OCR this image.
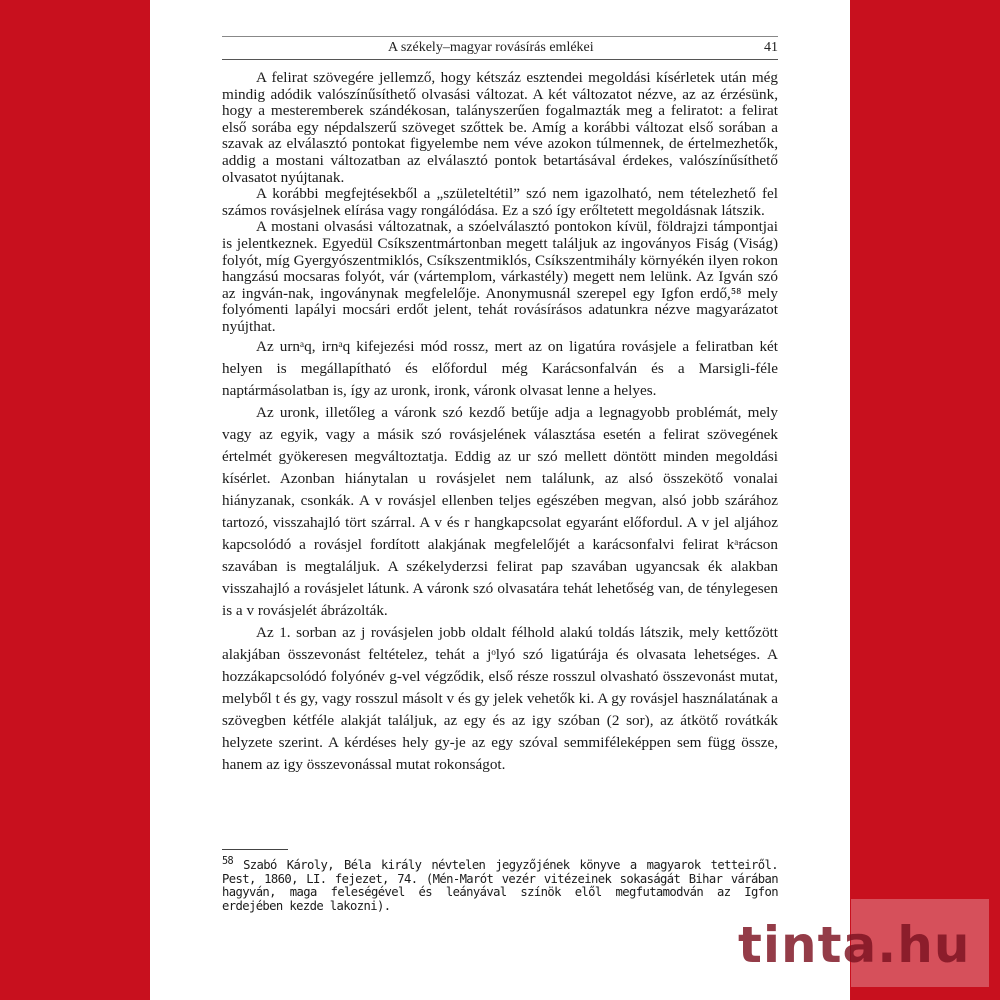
A székely–magyar rovásírás emlékei	41

A felirat szövegére jellemző, hogy kétszáz esztendei megoldási kísérletek után még mindig adódik valószínűsíthető olvasási változat. A két változatot nézve, az az érzésünk, hogy a mesteremberek szándékosan, talányszerűen fogalmazták meg a feliratot: a felirat első sorába egy népdalszerű szöveget szőttek be. Amíg a korábbi változat első sorában a szavak az elválasztó pontokat figyelembe nem véve azokon túlmennek, de értelmezhetők, addig a mostani változatban az elválasztó pontok betartásával érdekes, valószínűsíthető olvasatot nyújtanak.

A korábbi megfejtésekből a „születeltétil” szó nem igazolható, nem tételezhető fel számos rovásjelnek elírása vagy rongálódása. Ez a szó így erőltetett megoldásnak látszik.

A mostani olvasási változatnak, a szóelválasztó pontokon kívül, földrajzi támpontjai is jelentkeznek. Egyedül Csíkszentmártonban megett találjuk az ingoványos Fiság (Viság) folyót, míg Gyergyószentmiklós, Csíkszentmiklós, Csíkszentmihály környékén ilyen rokon hangzású mocsaras folyót, vár (vártemplom, várkastély) megett nem lelünk. Az Igván szó az ingván-nak, ingoványnak megfelelője. Anonymusnál szerepel egy Igfon erdő,⁵⁸ mely folyómenti lapályi mocsári erdőt jelent, tehát rovásírásos adatunkra nézve magyarázatot nyújthat.

Az urnᵃq, irnᵃq kifejezési mód rossz, mert az on ligatúra rovásjele a feliratban két helyen is megállapítható és előfordul még Karácsonfalván és a Marsigli-féle naptármásolatban is, így az uronk, ironk, váronk olvasat lenne a helyes.

Az uronk, illetőleg a váronk szó kezdő betűje adja a legnagyobb problémát, mely vagy az egyik, vagy a másik szó rovásjelének választása esetén a felirat szövegének értelmét gyökeresen megváltoztatja. Eddig az ur szó mellett döntött minden megoldási kísérlet. Azonban hiánytalan u rovásjelet nem találunk, az alsó összekötő vonalai hiányzanak, csonkák. A v rovásjel ellenben teljes egészében megvan, alsó jobb szárához tartozó, visszahajló tört szárral. A v és r hangkapcsolat egyaránt előfordul. A v jel aljához kapcsolódó a rovásjel fordított alakjának megfelelőjét a karácsonfalvi felirat kᵃrácson szavában is megtaláljuk. A székelyderzsi felirat pap szavában ugyancsak ék alakban visszahajló a rovásjelet látunk. A váronk szó olvasatára tehát lehetőség van, de ténylegesen is a v rovásjelét ábrázolták.

Az 1. sorban az j rovásjelen jobb oldalt félhold alakú toldás látszik, mely kettőzött alakjában összevonást feltételez, tehát a jᵒlyó szó ligatúrája és olvasata lehetséges. A hozzákapcsolódó folyónév g-vel végződik, első része rosszul olvasható összevonást mutat, melyből t és gy, vagy rosszul másolt v és gy jelek vehetők ki. A gy rovásjel használatának a szövegben kétféle alakját találjuk, az egy és az igy szóban (2 sor), az átkötő rovátkák helyzete szerint. A kérdéses hely gy-je az egy szóval semmiféleképpen sem függ össze, hanem az igy összevonással mutat rokonságot.

$^{58}$ Szabó Károly, Béla király névtelen jegyzőjének könyve a magyarok tetteiről. Pest, 1860, LI. fejezet, 74. (Mén-Marót vezér vitézeinek sokaságát Bihar várában hagyván, maga feleségével és leányával színök elől megfutamodván az Igfon erdejében kezde lakozni).
tinta.hu
